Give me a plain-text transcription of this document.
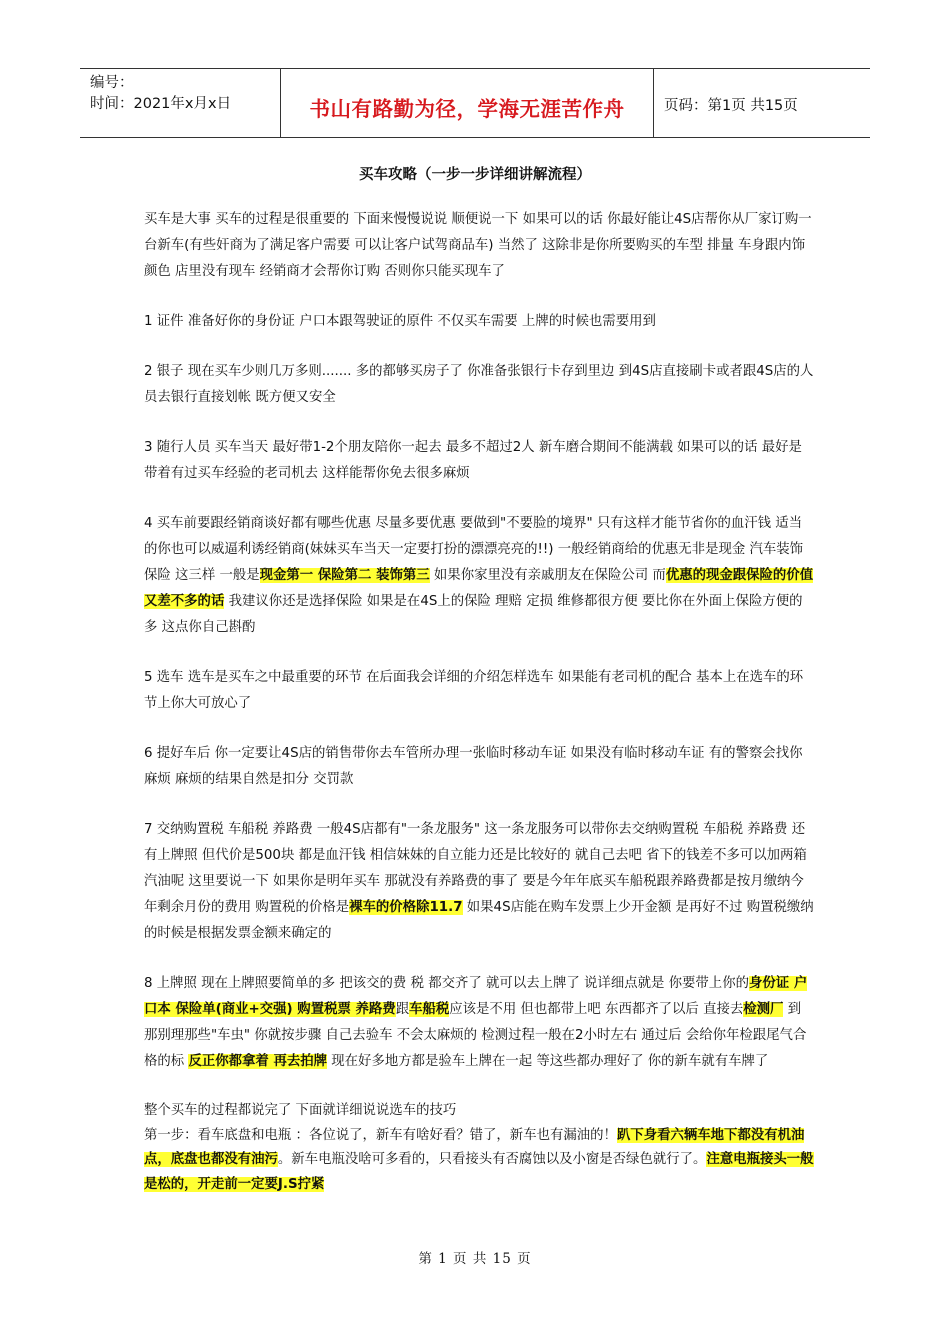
编号：
时间：2021年x月x日	书山有路勤为径，学海无涯苦作舟	页码：第1页 共15页
买车攻略（一步一步详细讲解流程）

买车是大事 买车的过程是很重要的 下面来慢慢说说 顺便说一下 如果可以的话 你最好能让4S店帮你从厂家订购一台新车(有些奸商为了满足客户需要 可以让客户试驾商品车) 当然了 这除非是你所要购买的车型 排量 车身跟内饰颜色 店里没有现车 经销商才会帮你订购 否则你只能买现车了

1 证件 准备好你的身份证 户口本跟驾驶证的原件 不仅买车需要 上牌的时候也需要用到

2 银子 现在买车少则几万多则....... 多的都够买房子了 你准备张银行卡存到里边 到4S店直接刷卡或者跟4S店的人员去银行直接划帐 既方便又安全

3 随行人员 买车当天 最好带1-2个朋友陪你一起去 最多不超过2人 新车磨合期间不能满载 如果可以的话 最好是带着有过买车经验的老司机去 这样能帮你免去很多麻烦

4 买车前要跟经销商谈好都有哪些优惠 尽量多要优惠 要做到"不要脸的境界" 只有这样才能节省你的血汗钱 适当的你也可以威逼利诱经销商(妹妹买车当天一定要打扮的漂漂亮亮的!!) 一般经销商给的优惠无非是现金 汽车装饰 保险 这三样 一般是现金第一 保险第二 装饰第三 如果你家里没有亲戚朋友在保险公司 而优惠的现金跟保险的价值又差不多的话 我建议你还是选择保险 如果是在4S上的保险 理赔 定损 维修都很方便 要比你在外面上保险方便的多 这点你自己斟酌

5 选车 选车是买车之中最重要的环节 在后面我会详细的介绍怎样选车 如果能有老司机的配合 基本上在选车的环节上你大可放心了

6 提好车后 你一定要让4S店的销售带你去车管所办理一张临时移动车证 如果没有临时移动车证 有的警察会找你麻烦 麻烦的结果自然是扣分 交罚款

7 交纳购置税 车船税 养路费 一般4S店都有"一条龙服务" 这一条龙服务可以带你去交纳购置税 车船税 养路费 还有上牌照 但代价是500块 都是血汗钱 相信妹妹的自立能力还是比较好的 就自己去吧 省下的钱差不多可以加两箱汽油呢 这里要说一下 如果你是明年买车 那就没有养路费的事了 要是今年年底买车船税跟养路费都是按月缴纳今年剩余月份的费用 购置税的价格是裸车的价格除11.7 如果4S店能在购车发票上少开金额 是再好不过 购置税缴纳的时候是根据发票金额来确定的

8 上牌照 现在上牌照要简单的多 把该交的费 税 都交齐了 就可以去上牌了 说详细点就是 你要带上你的身份证 户口本 保险单(商业+交强) 购置税票 养路费跟车船税应该是不用 但也都带上吧 东西都齐了以后 直接去检测厂 到那别理那些"车虫" 你就按步骤 自己去验车 不会太麻烦的 检测过程一般在2小时左右 通过后 会给你年检跟尾气合格的标 反正你都拿着 再去拍牌 现在好多地方都是验车上牌在一起 等这些都办理好了 你的新车就有车牌了

整个买车的过程都说完了 下面就详细说说选车的技巧

第一步：看车底盘和电瓶 ：各位说了，新车有啥好看？错了，新车也有漏油的！趴下身看六辆车地下都没有机油点，底盘也都没有油污。新车电瓶没啥可多看的，只看接头有否腐蚀以及小窗是否绿色就行了。注意电瓶接头一般是松的，开走前一定要J.S拧紧

第 1 页 共 15 页
